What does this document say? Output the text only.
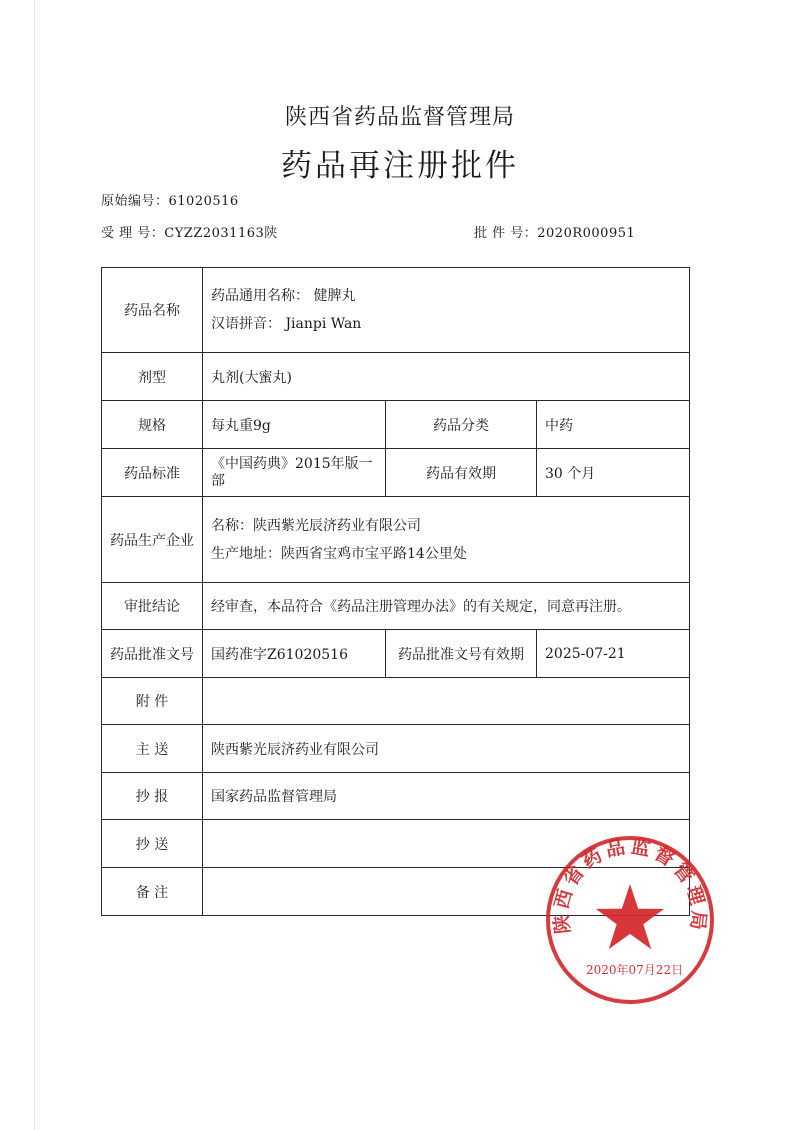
陕西省药品监督管理局
药品再注册批件
原始编号：61020516
受 理 号：CYZZ2031163陕	批 件 号：2020R000951
药品名称	药品通用名称： 健脾丸
汉语拼音： Jianpi Wan		

剂型	丸剂(大蜜丸)		
规格	每丸重9g	药品分类	中药
药品标准	《中国药典》2015年版一部	药品有效期	30 个月
药品生产企业	名称：陕西紫光辰济药业有限公司
生产地址：陕西省宝鸡市宝平路14公里处		

审批结论	经审查，本品符合《药品注册管理办法》的有关规定，同意再注册。		
药品批准文号	国药准字Z61020516	药品批准文号有效期	2025-07-21
附 件			
主 送	陕西紫光辰济药业有限公司		
抄 报	国家药品监督管理局		
抄 送			
备 注			
陕西省药品监督管理局
2020年07月22日
